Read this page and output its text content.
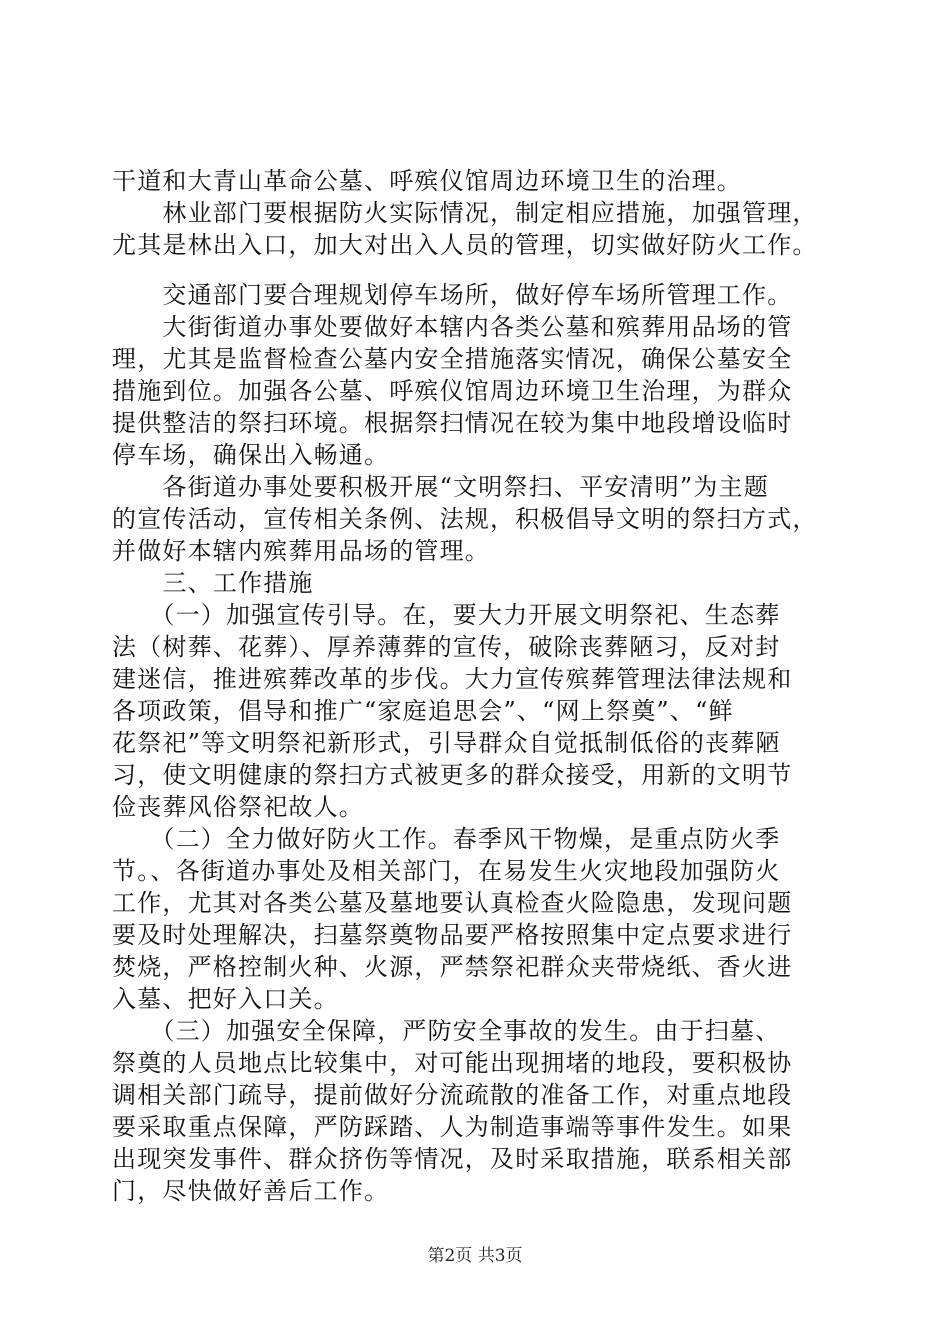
干道和大青山革命公墓、呼殡仪馆周边环境卫生的治理。
　　林业部门要根据防火实际情况，制定相应措施，加强管理，
尤其是林出入口，加大对出入人员的管理，切实做好防火工作。
　　交通部门要合理规划停车场所，做好停车场所管理工作。
　　大街街道办事处要做好本辖内各类公墓和殡葬用品场的管
理，尤其是监督检查公墓内安全措施落实情况，确保公墓安全
措施到位。加强各公墓、呼殡仪馆周边环境卫生治理，为群众
提供整洁的祭扫环境。根据祭扫情况在较为集中地段增设临时
停车场，确保出入畅通。
　　各街道办事处要积极开展“文明祭扫、平安清明”为主题
的宣传活动，宣传相关条例、法规，积极倡导文明的祭扫方式，
并做好本辖内殡葬用品场的管理。
　　三、工作措施
　　（一）加强宣传引导。在，要大力开展文明祭祀、生态葬
法（树葬、花葬）、厚养薄葬的宣传，破除丧葬陋习，反对封
建迷信，推进殡葬改革的步伐。大力宣传殡葬管理法律法规和
各项政策，倡导和推广“家庭追思会”、“网上祭奠”、“鲜
花祭祀”等文明祭祀新形式，引导群众自觉抵制低俗的丧葬陋
习，使文明健康的祭扫方式被更多的群众接受，用新的文明节
俭丧葬风俗祭祀故人。
　　（二）全力做好防火工作。春季风干物燥，是重点防火季
节。、各街道办事处及相关部门，在易发生火灾地段加强防火
工作，尤其对各类公墓及墓地要认真检查火险隐患，发现问题
要及时处理解决，扫墓祭奠物品要严格按照集中定点要求进行
焚烧，严格控制火种、火源，严禁祭祀群众夹带烧纸、香火进
入墓、把好入口关。
　　（三）加强安全保障，严防安全事故的发生。由于扫墓、
祭奠的人员地点比较集中，对可能出现拥堵的地段，要积极协
调相关部门疏导，提前做好分流疏散的准备工作，对重点地段
要采取重点保障，严防踩踏、人为制造事端等事件发生。如果
出现突发事件、群众挤伤等情况，及时采取措施，联系相关部
门，尽快做好善后工作。
第2页 共3页
